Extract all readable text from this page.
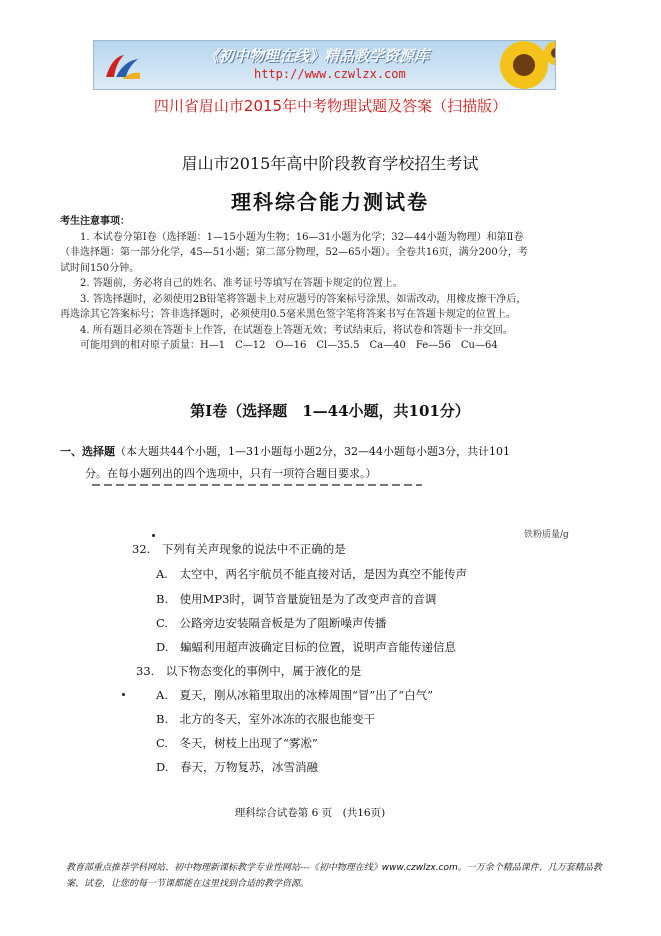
《初中物理在线》精品教学资源库
http://www.czwlzx.com
四川省眉山市2015年中考物理试题及答案（扫描版）
眉山市2015年高中阶段教育学校招生考试
理科综合能力测试卷

考生注意事项：

1. 本试卷分第Ⅰ卷（选择题：1—15小题为生物；16—31小题为化学；32—44小题为物理）和第Ⅱ卷（非选择题：第一部分化学，45—51小题；第二部分物理，52—65小题）。全卷共16页，满分200分，考试时间150分钟。

2. 答题前，务必将自己的姓名、准考证号等填写在答题卡规定的位置上。

3. 答选择题时，必须使用2B铅笔将答题卡上对应题号的答案标号涂黑，如需改动，用橡皮擦干净后，再选涂其它答案标号；答非选择题时，必须使用0.5毫米黑色签字笔将答案书写在答题卡规定的位置上。

4. 所有题目必须在答题卡上作答，在试题卷上答题无效；考试结束后，将试卷和答题卡一并交回。

可能用到的相对原子质量：H—1　C—12　O—16　Cl—35.5　Ca—40　Fe—56　Cu—64

第Ⅰ卷（选择题　1—44小题，共101分）
一、选择题（本大题共44个小题，1—31小题每小题2分，32—44小题每小题3分，共计101
分。在每小题列出的四个选项中，只有一项符合题目要求。）
铁粉质量/g
32.　下列有关声现象的说法中不正确的是
A.　太空中，两名宇航员不能直接对话，是因为真空不能传声
B.　使用MP3时，调节音量旋钮是为了改变声音的音调
C.　公路旁边安装隔音板是为了阻断噪声传播
D.　蝙蝠利用超声波确定目标的位置，说明声音能传递信息
33.　以下物态变化的事例中，属于液化的是
A.　夏天，刚从冰箱里取出的冰棒周围“冒”出了“白气”
B.　北方的冬天，室外冰冻的衣服也能变干
C.　冬天，树枝上出现了“雾凇”
D.　春天，万物复苏，冰雪消融
理科综合试卷第 6 页　(共16页)
教育部重点推荐学科网站、初中物理新课标教学专业性网站---《初中物理在线》www.czwlzx.com。一万余个精品课件、几万套精品教案、试卷，让您的每一节课都能在这里找到合适的教学资源。
